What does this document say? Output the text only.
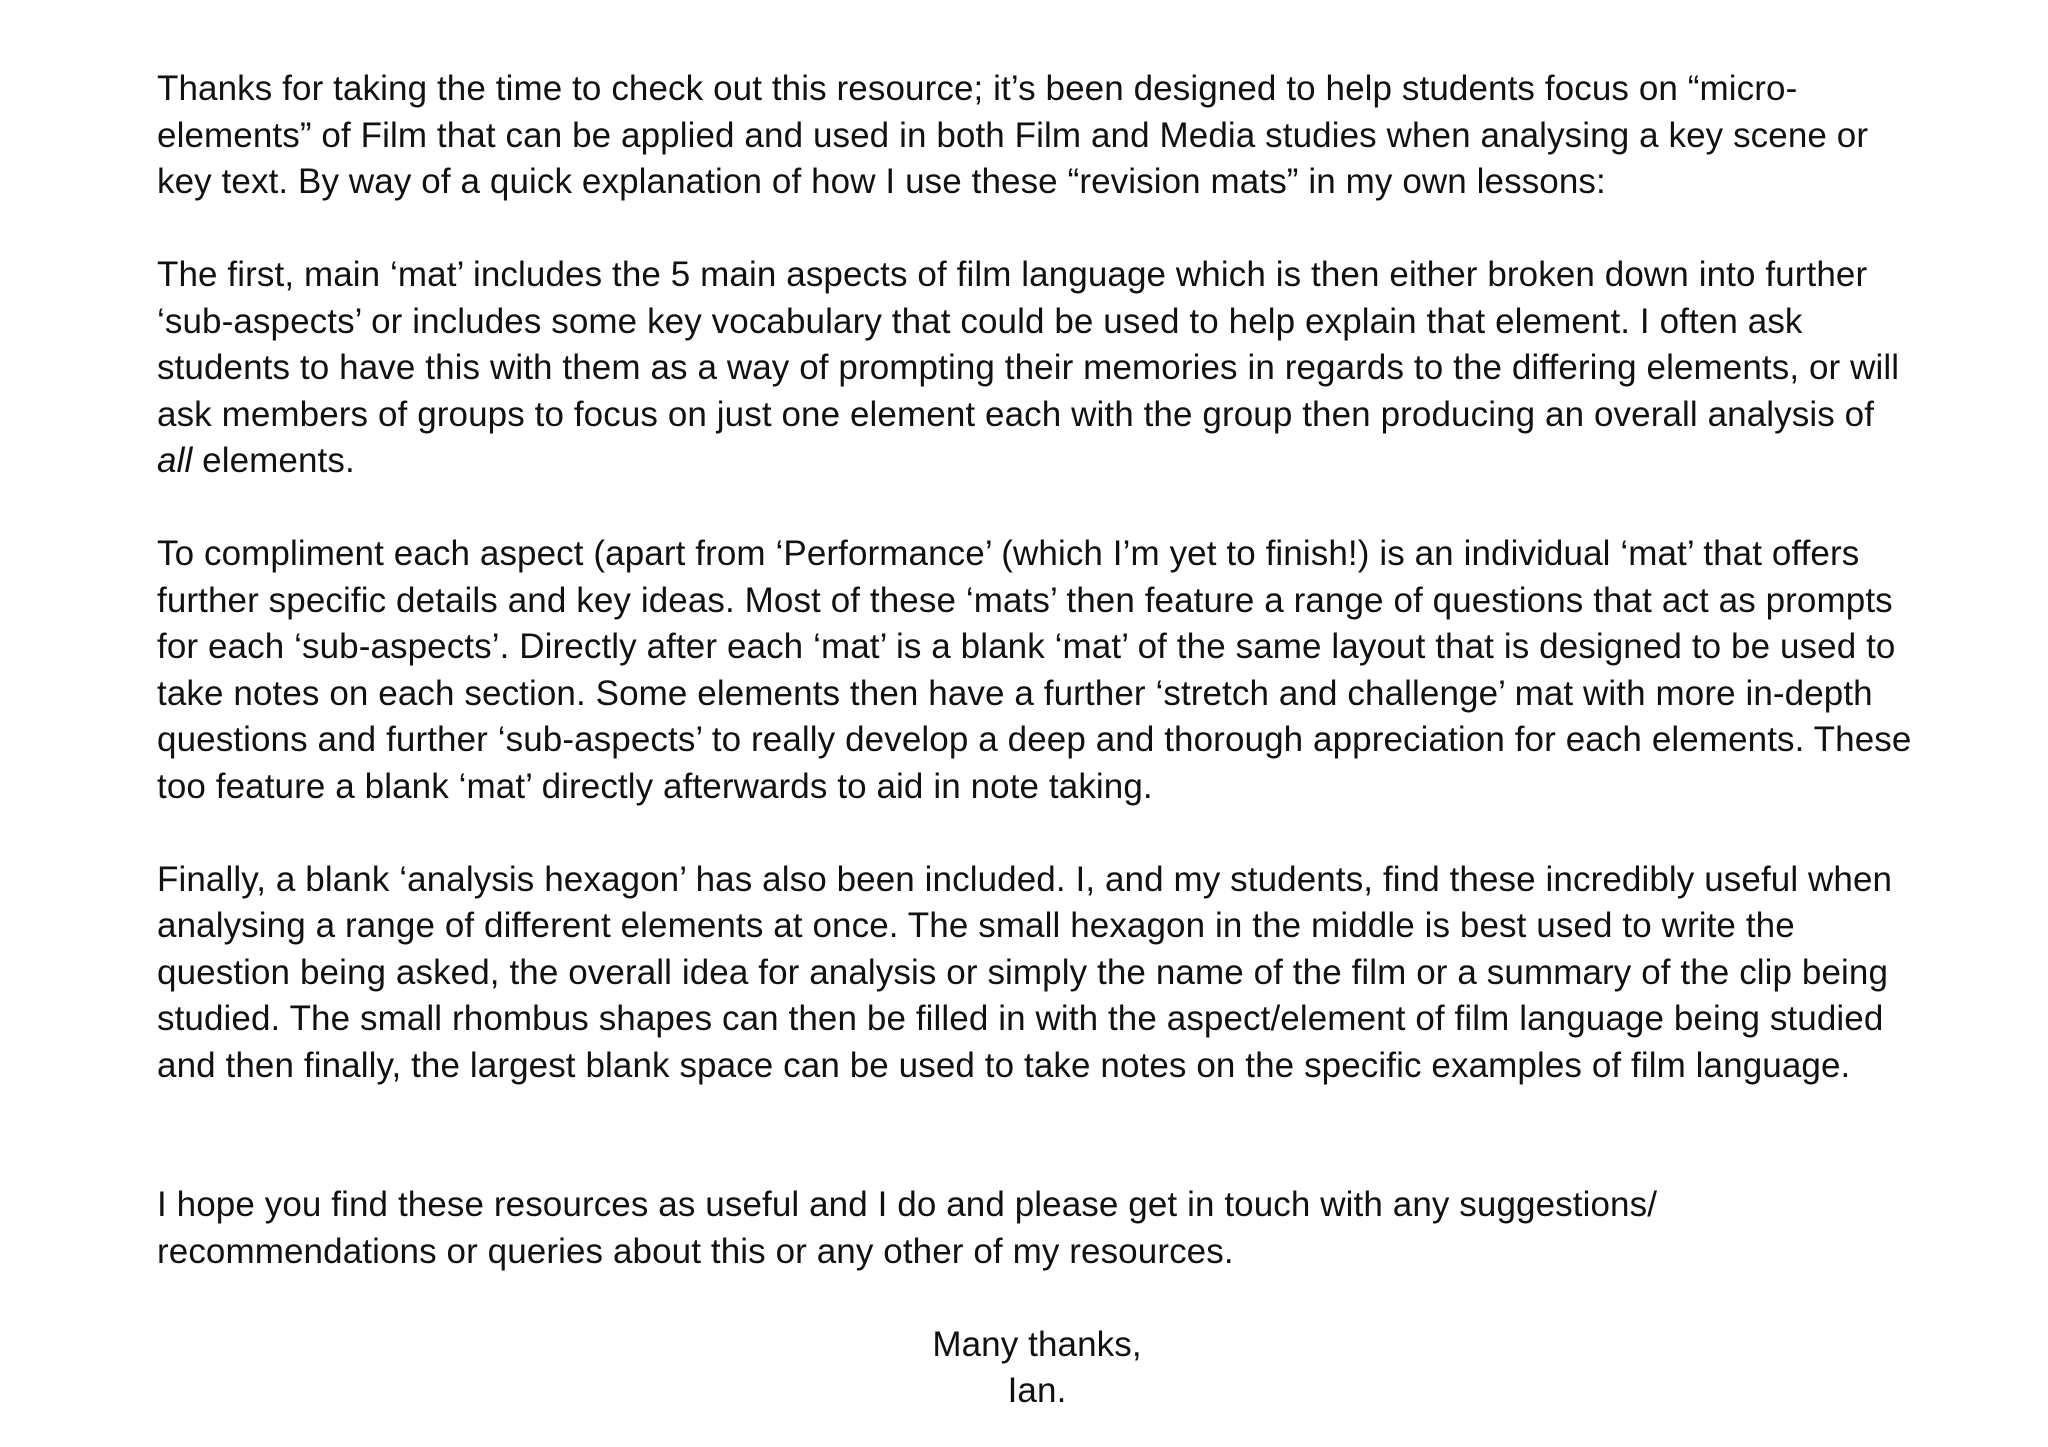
Thanks for taking the time to check out this resource; it’s been designed to help students focus on “micro-elements” of Film that can be applied and used in both Film and Media studies when analysing a key scene or key text. By way of a quick explanation of how I use these “revision mats” in my own lessons:

The first, main ‘mat’ includes the 5 main aspects of film language which is then either broken down into further ‘sub-aspects’ or includes some key vocabulary that could be used to help explain that element. I often ask students to have this with them as a way of prompting their memories in regards to the differing elements, or will ask members of groups to focus on just one element each with the group then producing an overall analysis of all elements.

To compliment each aspect (apart from ‘Performance’ (which I’m yet to finish!) is an individual ‘mat’ that offers further specific details and key ideas. Most of these ‘mats’ then feature a range of questions that act as prompts for each ‘sub-aspects’. Directly after each ‘mat’ is a blank ‘mat’ of the same layout that is designed to be used to take notes on each section. Some elements then have a further ‘stretch and challenge’ mat with more in-depth questions and further ‘sub-aspects’ to really develop a deep and thorough appreciation for each elements. These too feature a blank ‘mat’ directly afterwards to aid in note taking.

Finally, a blank ‘analysis hexagon’ has also been included. I, and my students, find these incredibly useful when analysing a range of different elements at once. The small hexagon in the middle is best used to write the question being asked, the overall idea for analysis or simply the name of the film or a summary of the clip being studied. The small rhombus shapes can then be filled in with the aspect/element of film language being studied and then finally, the largest blank space can be used to take notes on the specific examples of film language.

I hope you find these resources as useful and I do and please get in touch with any suggestions/ recommendations or queries about this or any other of my resources.

Many thanks,
Ian.
